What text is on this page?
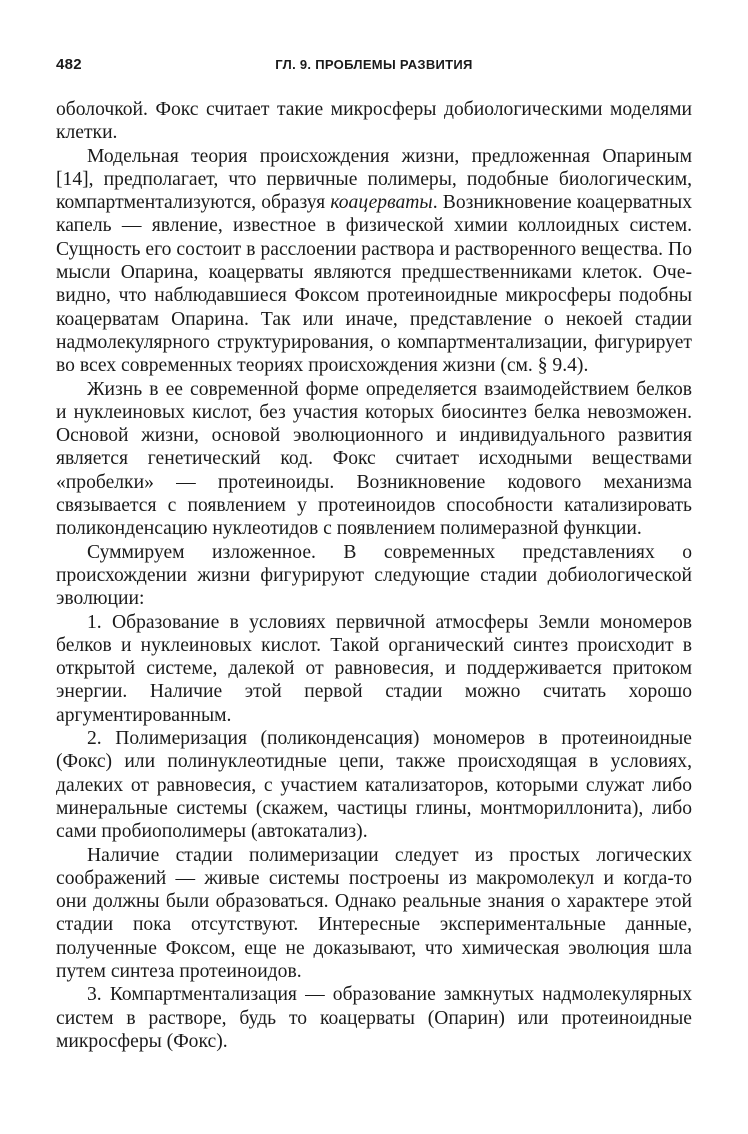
482	ГЛ. 9. ПРОБЛЕМЫ РАЗВИТИЯ

оболочкой. Фокс считает такие микросферы добиологическими моделями клетки.

Модельная теория происхождения жизни, предложенная Опариным [14], предполагает, что первичные полимеры, подобные биологическим, компартментализуются, образуя коацерваты. Возникновение коацерватных капель — явление, известное в физической химии коллоидных систем. Сущность его состоит в расслоении раствора и растворенного вещества. По мысли Опарина, коацерваты являются предшественниками клеток. Очевидно, что наблюдавшиеся Фоксом протеиноидные микросферы подобны коацерватам Опарина. Так или иначе, представление о некоей стадии надмолекулярного структурирования, о компартментализации, фигурирует во всех современных теориях происхождения жизни (см. § 9.4).

Жизнь в ее современной форме определяется взаимодействием белков и нуклеиновых кислот, без участия которых биосинтез белка невозможен. Основой жизни, основой эволюционного и индивидуального развития является генетический код. Фокс считает исходными веществами «пробелки» — протеиноиды. Возникновение кодового механизма связывается с появлением у протеиноидов способности катализировать поликонденсацию нуклеотидов с появлением полимеразной функции.

Суммируем изложенное. В современных представлениях о происхождении жизни фигурируют следующие стадии добиологической эволюции:

1. Образование в условиях первичной атмосферы Земли мономеров белков и нуклеиновых кислот. Такой органический синтез происходит в открытой системе, далекой от равновесия, и поддерживается притоком энергии. Наличие этой первой стадии можно считать хорошо аргументированным.

2. Полимеризация (поликонденсация) мономеров в протеиноидные (Фокс) или полинуклеотидные цепи, также происходящая в условиях, далеких от равновесия, с участием катализаторов, которыми служат либо минеральные системы (скажем, частицы глины, монтмориллонита), либо сами пробиополимеры (автокатализ).

Наличие стадии полимеризации следует из простых логических соображений — живые системы построены из макромолекул и когда-то они должны были образоваться. Однако реальные знания о характере этой стадии пока отсутствуют. Интересные экспериментальные данные, полученные Фоксом, еще не доказывают, что химическая эволюция шла путем синтеза протеиноидов.

3. Компартментализация — образование замкнутых надмолекулярных систем в растворе, будь то коацерваты (Опарин) или протеиноидные микросферы (Фокс).
